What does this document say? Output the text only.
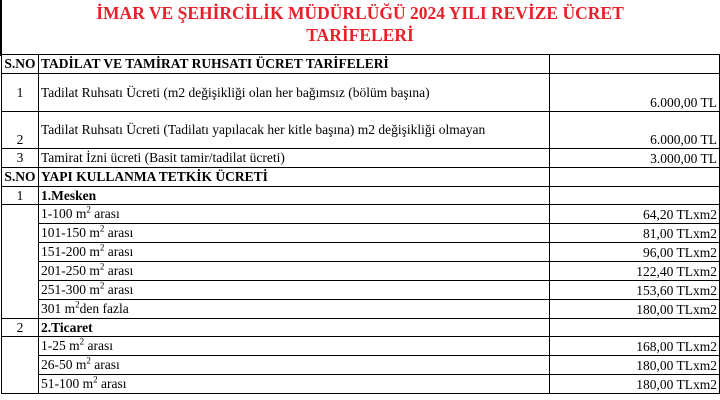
İMAR VE ŞEHİRCİLİK MÜDÜRLÜĞÜ 2024 YILI REVİZE ÜCRET
TARİFELERİ
S.NO	TADİLAT VE TAMİRAT RUHSATI ÜCRET TARİFELERİ	
1	Tadilat Ruhsatı Ücreti (m2 değişikliği olan her bağımsız (bölüm başına)	6.000,00 TL
2	Tadilat Ruhsatı Ücreti (Tadilatı yapılacak her kitle başına) m2 değişikliği olmayan	6.000,00 TL
3	Tamirat İzni ücreti (Basit tamir/tadilat ücreti)	3.000,00 TL
S.NO	YAPI KULLANMA TETKİK ÜCRETİ	
1	1.Mesken	
	1-100 $m^2$ arası	64,20 TLxm2
	101-150 $m^2$ arası	81,00 TLxm2
	151-200 $m^2$ arası	96,00 TLxm2
	201-250 $m^2$ arası	122,40 TLxm2
	251-300 $m^2$ arası	153,60 TLxm2
	301 $m^2den$ fazla	180,00 TLxm2
2	2.Ticaret	
	1-25 $m^2$ arası	168,00 TLxm2
	26-50 $m^2$ arası	180,00 TLxm2
	51-100 $m^2$ arası	180,00 TLxm2
